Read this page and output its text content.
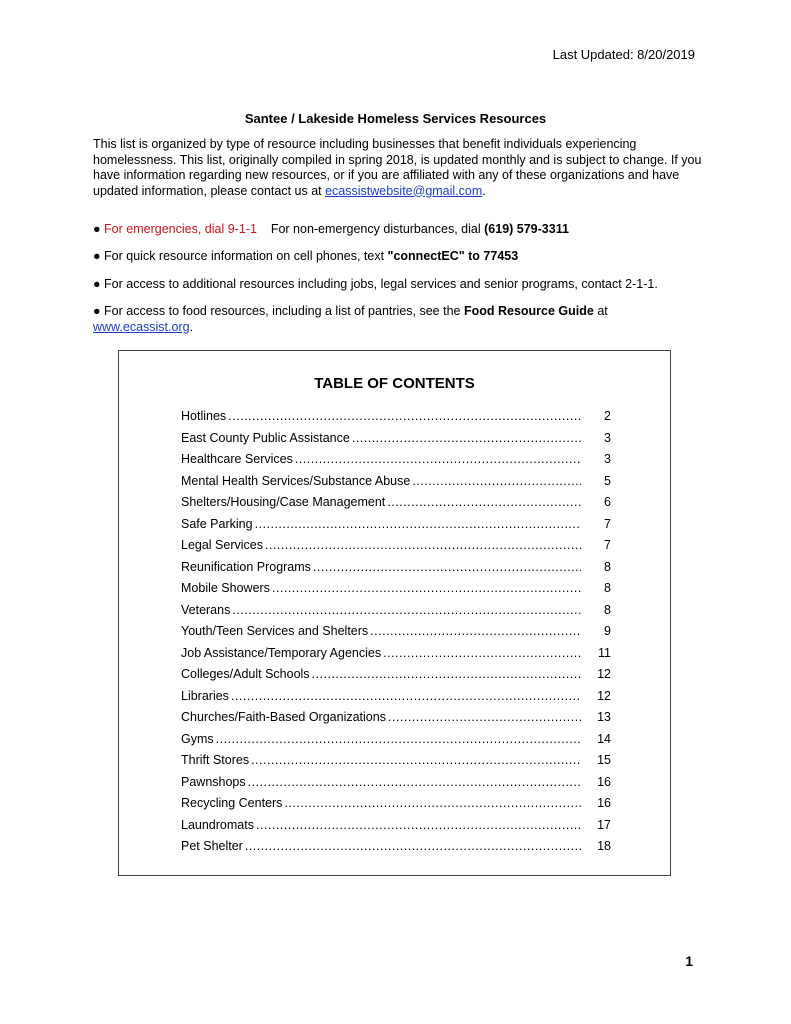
Last Updated: 8/20/2019
Santee / Lakeside Homeless Services Resources
This list is organized by type of resource including businesses that benefit individuals experiencing homelessness. This list, originally compiled in spring 2018, is updated monthly and is subject to change. If you have information regarding new resources, or if you are affiliated with any of these organizations and have updated information, please contact us at ecassistwebsite@gmail.com.
● For emergencies, dial 9-1-1 For non-emergency disturbances, dial (619) 579-3311
● For quick resource information on cell phones, text "connectEC" to 77453
● For access to additional resources including jobs, legal services and senior programs, contact 2-1-1.
● For access to food resources, including a list of pantries, see the Food Resource Guide at
www.ecassist.org.
TABLE OF CONTENTS
Hotlines .....	2
East County Public Assistance .....	3
Healthcare Services .....	3
Mental Health Services/Substance Abuse .....	5
Shelters/Housing/Case Management .....	6
Safe Parking .....	7
Legal Services .....	7
Reunification Programs .....	8
Mobile Showers .....	8
Veterans .....	8
Youth/Teen Services and Shelters .....	9
Job Assistance/Temporary Agencies .....	11
Colleges/Adult Schools .....	12
Libraries .....	12
Churches/Faith-Based Organizations .....	13
Gyms .....	14
Thrift Stores .....	15
Pawnshops .....	16
Recycling Centers .....	16
Laundromats .....	17
Pet Shelter .....	18
1
